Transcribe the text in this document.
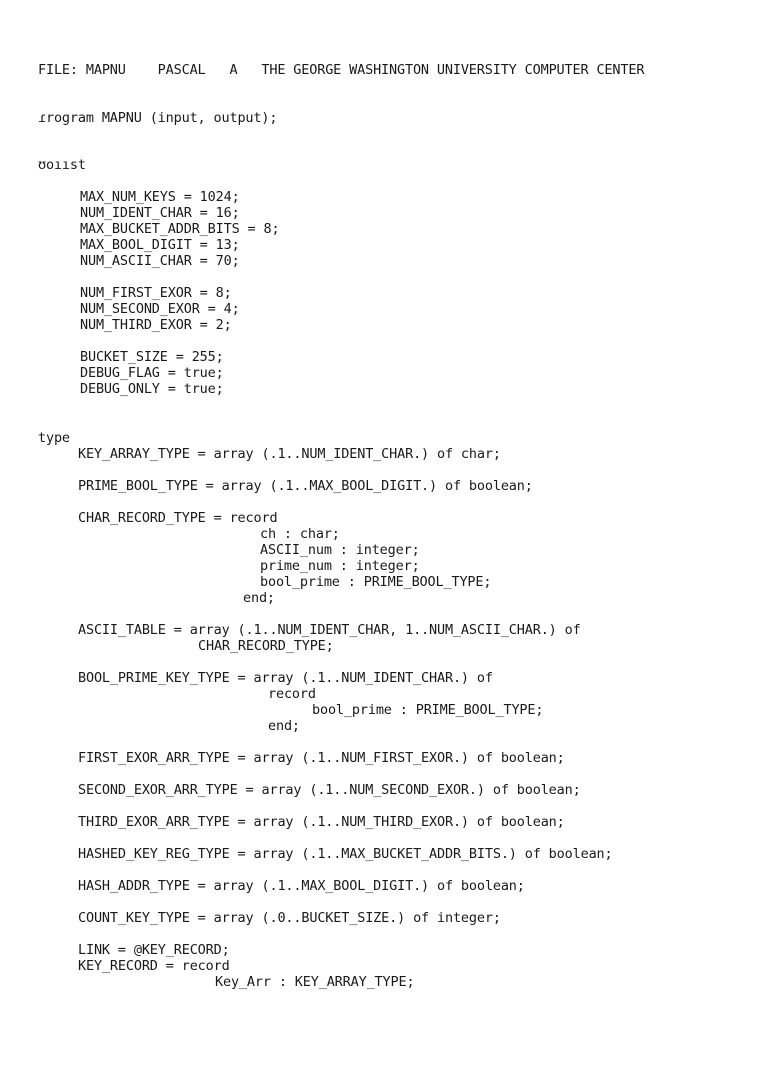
FILE: MAPNU    PASCAL   A   THE GEORGE WASHINGTON UNIVERSITY COMPUTER CENTER

ɾrogram MAPNU (input, output);

ʊoııst

MAX_NUM_KEYS = 1024;

NUM_IDENT_CHAR = 16;

MAX_BUCKET_ADDR_BITS = 8;

MAX_BOOL_DIGIT = 13;

NUM_ASCII_CHAR = 70;

NUM_FIRST_EXOR = 8;

NUM_SECOND_EXOR = 4;

NUM_THIRD_EXOR = 2;

BUCKET_SIZE = 255;

DEBUG_FLAG = true;

DEBUG_ONLY = true;

type

KEY_ARRAY_TYPE = array (.1..NUM_IDENT_CHAR.) of char;

PRIME_BOOL_TYPE = array (.1..MAX_BOOL_DIGIT.) of boolean;

CHAR_RECORD_TYPE = record

ch : char;

ASCII_num : integer;

prime_num : integer;

bool_prime : PRIME_BOOL_TYPE;

end;

ASCII_TABLE = array (.1..NUM_IDENT_CHAR, 1..NUM_ASCII_CHAR.) of

CHAR_RECORD_TYPE;

BOOL_PRIME_KEY_TYPE = array (.1..NUM_IDENT_CHAR.) of

record

bool_prime : PRIME_BOOL_TYPE;

end;

FIRST_EXOR_ARR_TYPE = array (.1..NUM_FIRST_EXOR.) of boolean;

SECOND_EXOR_ARR_TYPE = array (.1..NUM_SECOND_EXOR.) of boolean;

THIRD_EXOR_ARR_TYPE = array (.1..NUM_THIRD_EXOR.) of boolean;

HASHED_KEY_REG_TYPE = array (.1..MAX_BUCKET_ADDR_BITS.) of boolean;

HASH_ADDR_TYPE = array (.1..MAX_BOOL_DIGIT.) of boolean;

COUNT_KEY_TYPE = array (.0..BUCKET_SIZE.) of integer;

LINK = @KEY_RECORD;

KEY_RECORD = record

Key_Arr : KEY_ARRAY_TYPE;
